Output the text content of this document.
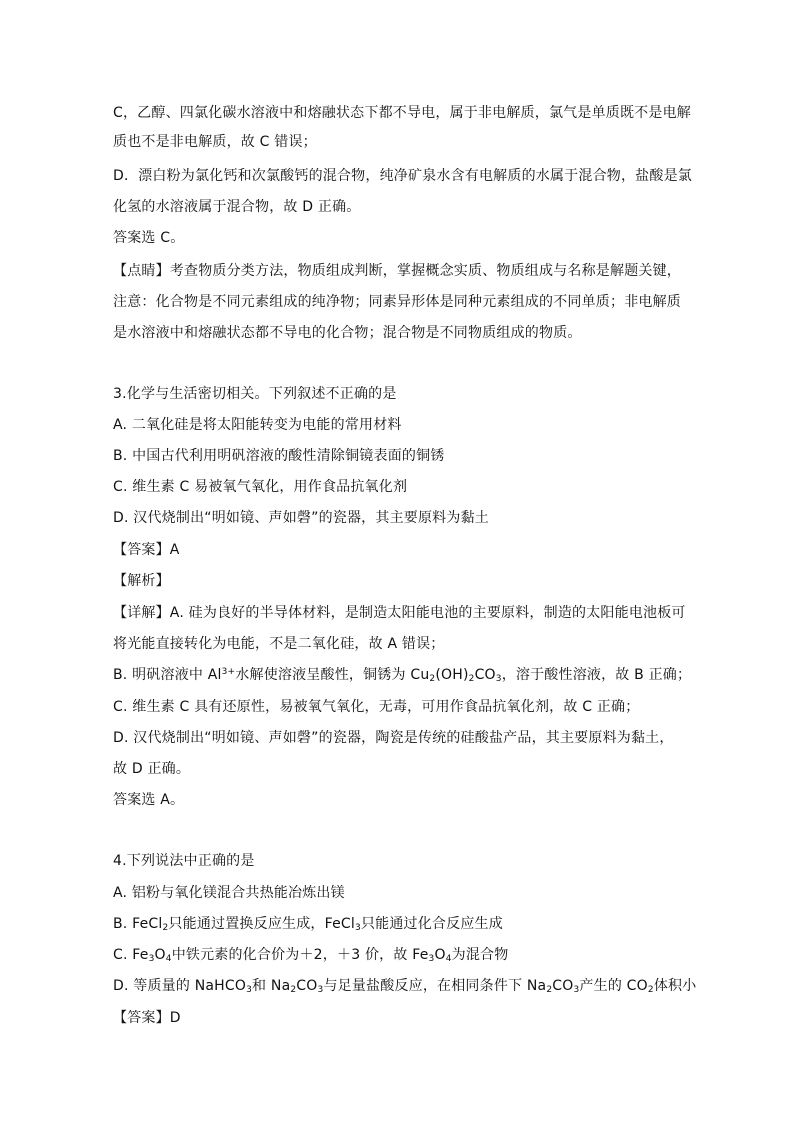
C，乙醇、四氯化碳水溶液中和熔融状态下都不导电，属于非电解质，氯气是单质既不是电解
质也不是非电解质，故 C 错误；
D．漂白粉为氯化钙和次氯酸钙的混合物，纯净矿泉水含有电解质的水属于混合物，盐酸是氯
化氢的水溶液属于混合物，故 D 正确。
答案选 C。
【点睛】考查物质分类方法，物质组成判断，掌握概念实质、物质组成与名称是解题关键，
注意：化合物是不同元素组成的纯净物；同素异形体是同种元素组成的不同单质；非电解质
是水溶液中和熔融状态都不导电的化合物；混合物是不同物质组成的物质。
3.化学与生活密切相关。下列叙述不正确的是
A. 二氧化硅是将太阳能转变为电能的常用材料
B. 中国古代利用明矾溶液的酸性清除铜镜表面的铜锈
C. 维生素 C 易被氧气氧化，用作食品抗氧化剂
D. 汉代烧制出“明如镜、声如磬”的瓷器，其主要原料为黏土
【答案】A
【解析】
【详解】A. 硅为良好的半导体材料，是制造太阳能电池的主要原料，制造的太阳能电池板可
将光能直接转化为电能，不是二氧化硅，故 A 错误；
B. 明矾溶液中 $Al^{3+}$水解使溶液呈酸性，铜锈为 $Cu_2(OH)_2CO_3$，溶于酸性溶液，故 B 正确；
C. 维生素 C 具有还原性，易被氧气氧化，无毒，可用作食品抗氧化剂，故 C 正确；
D. 汉代烧制出“明如镜、声如磬”的瓷器，陶瓷是传统的硅酸盐产品，其主要原料为黏土，
故 D 正确。
答案选 A。
4.下列说法中正确的是
A. 铝粉与氧化镁混合共热能冶炼出镁
B. FeCl$_2$只能通过置换反应生成，FeCl$_3$只能通过化合反应生成
C. $Fe_3O_4$中铁元素的化合价为＋2，＋3 价，故 $Fe_3O_4$为混合物
D. 等质量的 NaHCO$_3$和 $Na_2CO_3$与足量盐酸反应，在相同条件下 $Na_2CO_3$产生的 $CO_2$体积小
【答案】D
